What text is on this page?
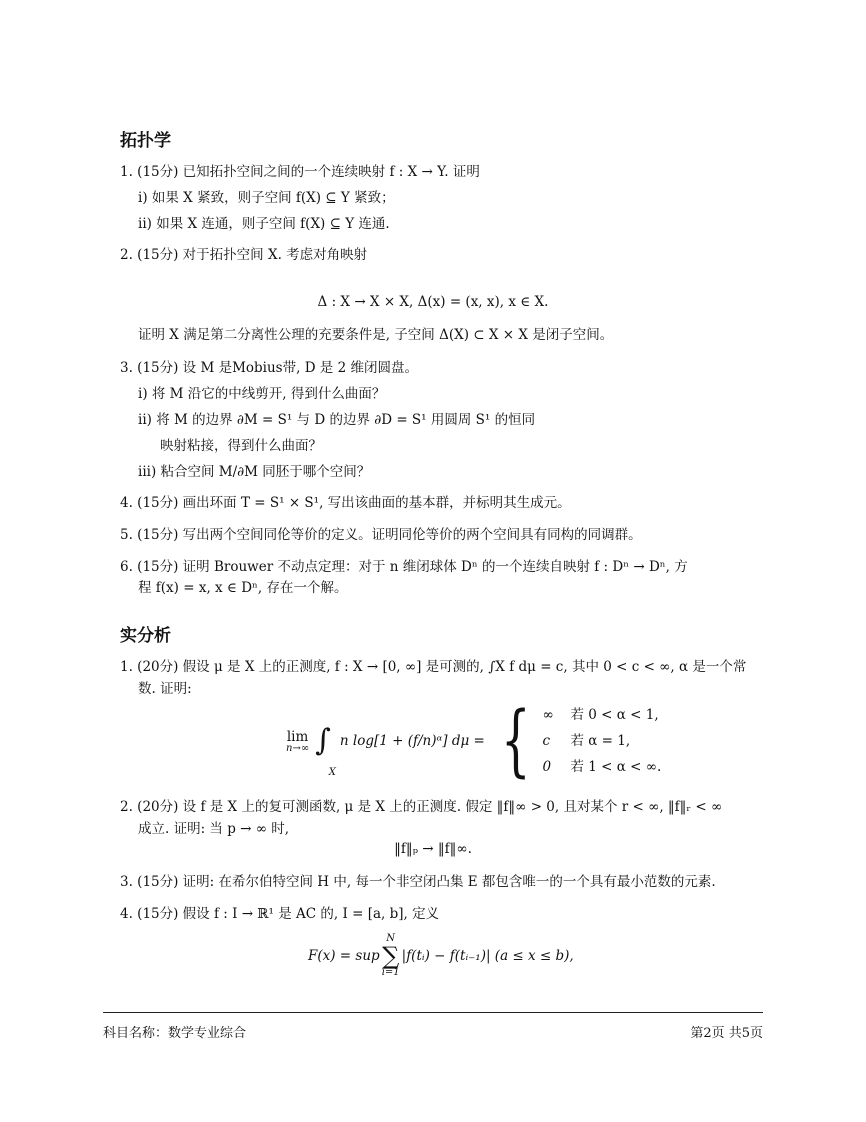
拓扑学
1. (15分) 已知拓扑空间之间的一个连续映射 f : X → Y. 证明
i) 如果 X 紧致，则子空间 f(X) ⊆ Y 紧致；
ii) 如果 X 连通，则子空间 f(X) ⊆ Y 连通.
2. (15分) 对于拓扑空间 X. 考虑对角映射
Δ : X → X × X, Δ(x) = (x, x), x ∈ X.
证明 X 满足第二分离性公理的充要条件是, 子空间 Δ(X) ⊂ X × X 是闭子空间。
3. (15分) 设 M 是Mobius带, D 是 2 维闭圆盘。
i) 将 M 沿它的中线剪开, 得到什么曲面？
ii) 将 M 的边界 ∂M = S¹ 与 D 的边界 ∂D = S¹ 用圆周 S¹ 的恒同
映射粘接，得到什么曲面？
iii) 粘合空间 M/∂M 同胚于哪个空间？
4. (15分) 画出环面 T = S¹ × S¹, 写出该曲面的基本群，并标明其生成元。
5. (15分) 写出两个空间同伦等价的定义。证明同伦等价的两个空间具有同构的同调群。
6. (15分) 证明 Brouwer 不动点定理：对于 n 维闭球体 Dⁿ 的一个连续自映射 f : Dⁿ → Dⁿ, 方
程 f(x) = x, x ∈ Dⁿ, 存在一个解。
实分析
1. (20分) 假设 μ 是 X 上的正测度, f : X → [0, ∞] 是可测的, ∫X f dμ = c, 其中 0 < c < ∞, α 是一个常
数. 证明:
lim
n→∞ ∫
X
n log[1 + (f/n)ᵅ] dμ = { ∞	若 0 < α < 1,
c	若 α = 1,
0	若 1 < α < ∞.
2. (20分) 设 f 是 X 上的复可测函数, μ 是 X 上的正测度. 假定 ‖f‖∞ > 0, 且对某个 r < ∞, ‖f‖ᵣ < ∞
成立. 证明: 当 p → ∞ 时,
‖f‖ₚ → ‖f‖∞.
3. (15分) 证明: 在希尔伯特空间 H 中, 每一个非空闭凸集 E 都包含唯一的一个具有最小范数的元素.
4. (15分) 假设 f : I → ℝ¹ 是 AC 的, I = [a, b], 定义
F(x) = sup
N
∑
i=1
|f(tᵢ) − f(tᵢ₋₁)| (a ≤ x ≤ b),
科目名称：数学专业综合	第2页 共5页
